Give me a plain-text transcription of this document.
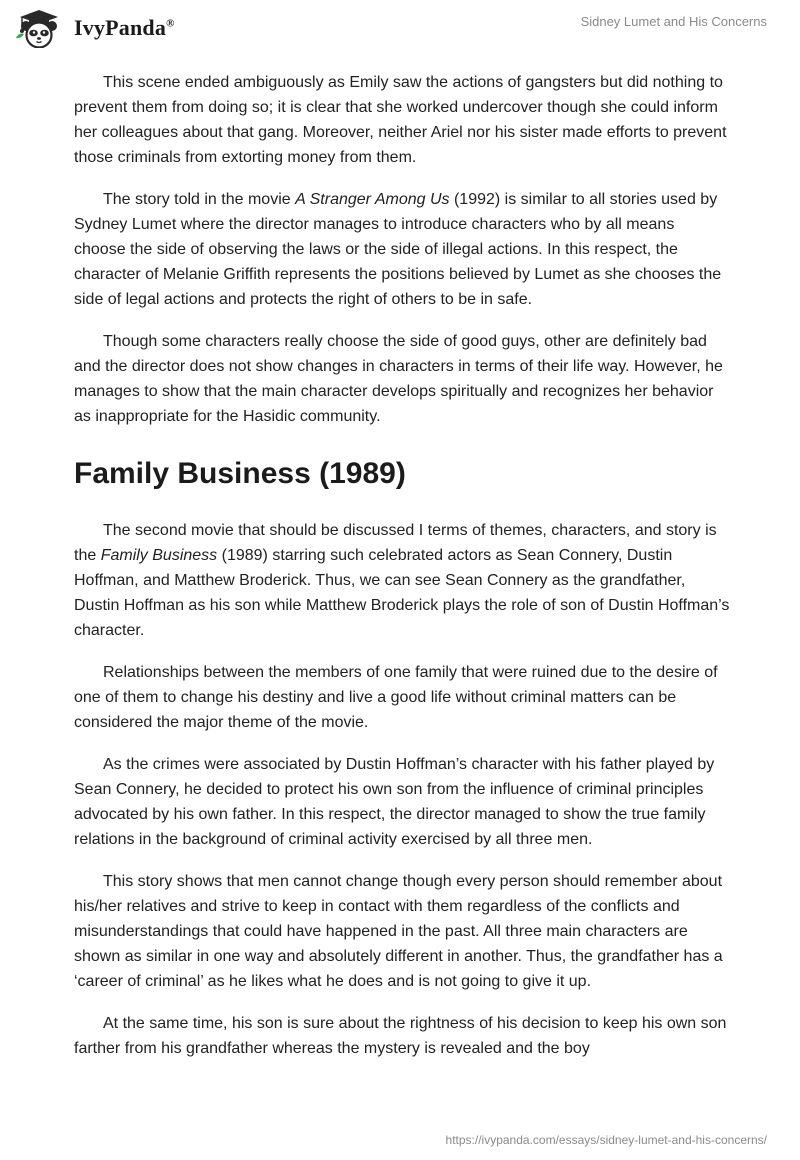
IvyPanda®	Sidney Lumet and His Concerns

This scene ended ambiguously as Emily saw the actions of gangsters but did nothing to prevent them from doing so; it is clear that she worked undercover though she could inform her colleagues about that gang. Moreover, neither Ariel nor his sister made efforts to prevent those criminals from extorting money from them.

The story told in the movie A Stranger Among Us (1992) is similar to all stories used by Sydney Lumet where the director manages to introduce characters who by all means choose the side of observing the laws or the side of illegal actions. In this respect, the character of Melanie Griffith represents the positions believed by Lumet as she chooses the side of legal actions and protects the right of others to be in safe.

Though some characters really choose the side of good guys, other are definitely bad and the director does not show changes in characters in terms of their life way. However, he manages to show that the main character develops spiritually and recognizes her behavior as inappropriate for the Hasidic community.

Family Business (1989)

The second movie that should be discussed I terms of themes, characters, and story is the Family Business (1989) starring such celebrated actors as Sean Connery, Dustin Hoffman, and Matthew Broderick. Thus, we can see Sean Connery as the grandfather, Dustin Hoffman as his son while Matthew Broderick plays the role of son of Dustin Hoffman’s character.

Relationships between the members of one family that were ruined due to the desire of one of them to change his destiny and live a good life without criminal matters can be considered the major theme of the movie.

As the crimes were associated by Dustin Hoffman’s character with his father played by Sean Connery, he decided to protect his own son from the influence of criminal principles advocated by his own father. In this respect, the director managed to show the true family relations in the background of criminal activity exercised by all three men.

This story shows that men cannot change though every person should remember about his/her relatives and strive to keep in contact with them regardless of the conflicts and misunderstandings that could have happened in the past. All three main characters are shown as similar in one way and absolutely different in another. Thus, the grandfather has a ‘career of criminal’ as he likes what he does and is not going to give it up.

At the same time, his son is sure about the rightness of his decision to keep his own son farther from his grandfather whereas the mystery is revealed and the boy

https://ivypanda.com/essays/sidney-lumet-and-his-concerns/
